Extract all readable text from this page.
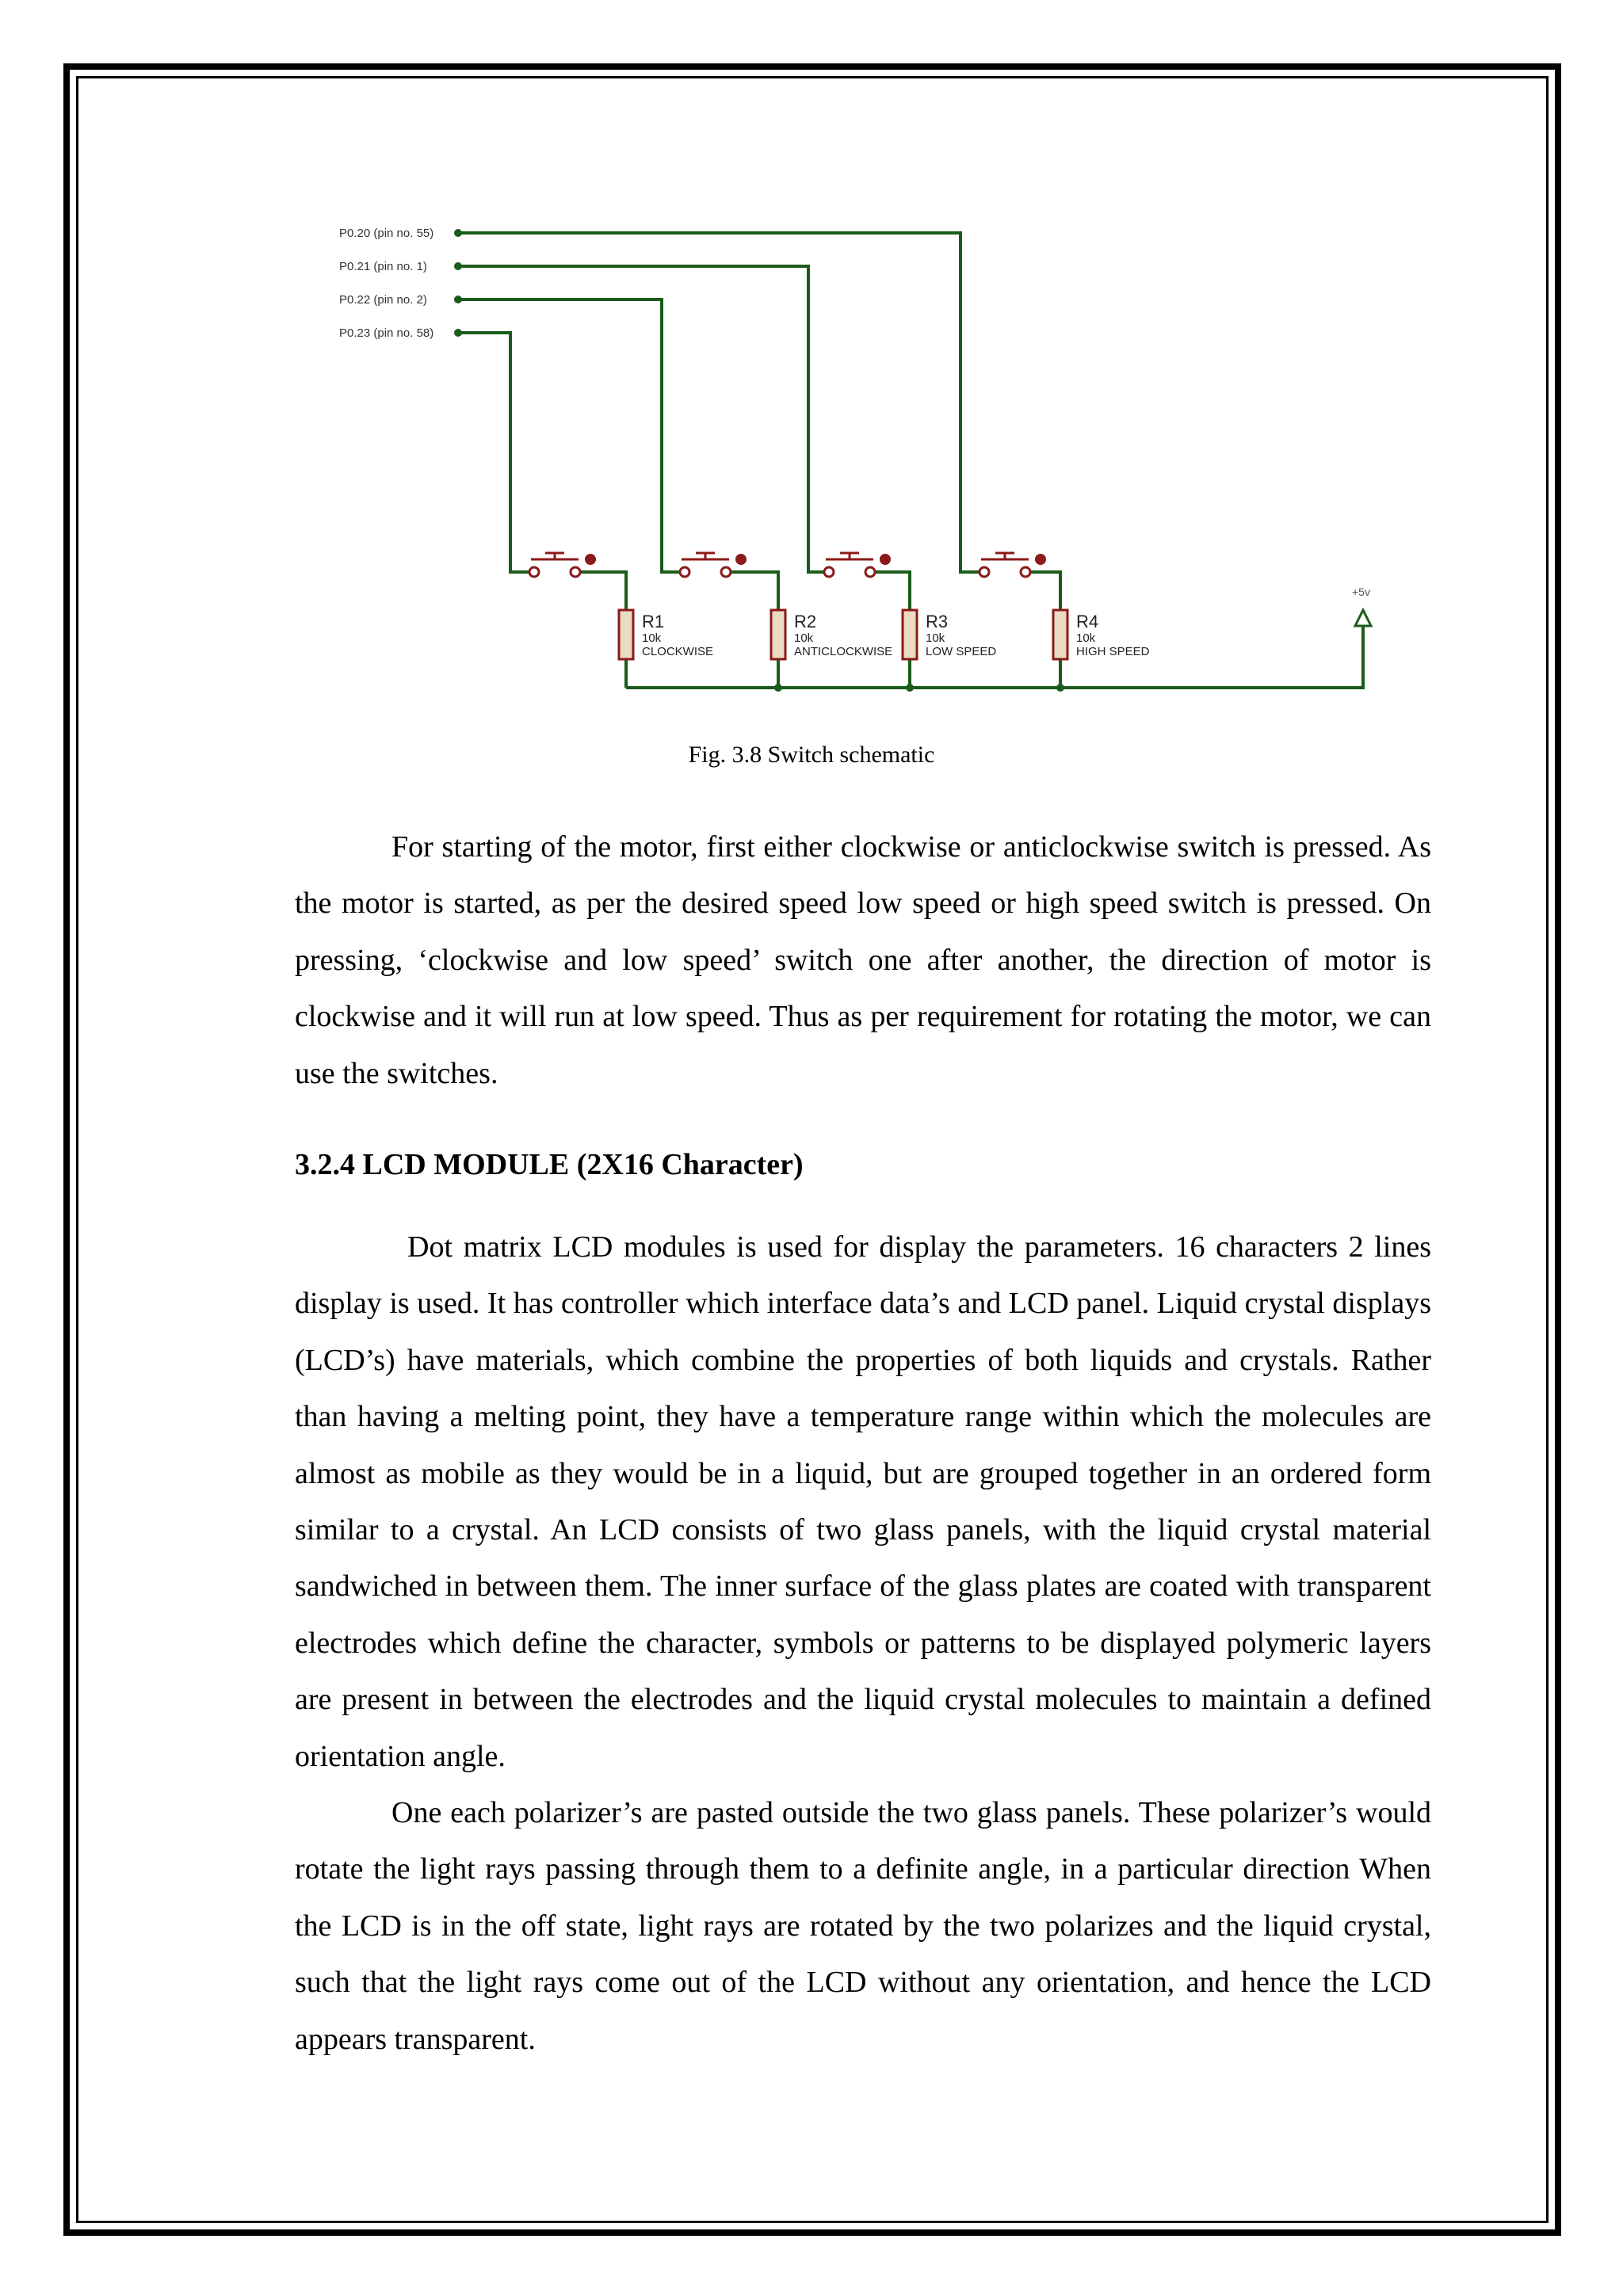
P0.20 (pin no. 55)
P0.21 (pin no. 1)
P0.22 (pin no. 2)
P0.23 (pin no. 58)
R1
10k
CLOCKWISE
R2
10k
ANTICLOCKWISE
R3
10k
LOW SPEED
R4
10k
HIGH SPEED
+5v

Fig. 3.8 Switch schematic

For starting of the motor, first either clockwise or anticlockwise switch is pressed. As the motor is started, as per the desired speed low speed or high speed switch is pressed. On pressing, ‘clockwise and low speed’ switch one after another, the direction of motor is clockwise and it will run at low speed. Thus as per requirement for rotating the motor, we can use the switches.

3.2.4 LCD MODULE (2X16 Character)

Dot matrix LCD modules is used for display the parameters. 16 characters 2 lines display is used. It has controller which interface data’s and LCD panel. Liquid crystal displays (LCD’s) have materials, which combine the properties of both liquids and crystals. Rather than having a melting point, they have a temperature range within which the molecules are almost as mobile as they would be in a liquid, but are grouped together in an ordered form similar to a crystal. An LCD consists of two glass panels, with the liquid crystal material sandwiched in between them. The inner surface of the glass plates are coated with transparent electrodes which define the character, symbols or patterns to be displayed polymeric layers are present in between the electrodes and the liquid crystal molecules to maintain a defined orientation angle.

One each polarizer’s are pasted outside the two glass panels. These polarizer’s would rotate the light rays passing through them to a definite angle, in a particular direction When the LCD is in the off state, light rays are rotated by the two polarizes and the liquid crystal, such that the light rays come out of the LCD without any orientation, and hence the LCD appears transparent.
